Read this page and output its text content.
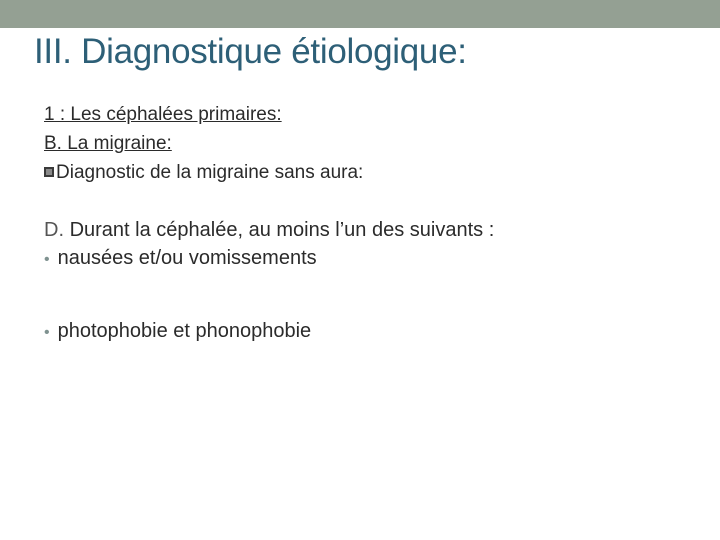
III. Diagnostique étiologique:
1 : Les céphalées primaires:
B. La migraine:
Diagnostic de la migraine sans aura:
D. Durant la céphalée, au moins l’un des suivants :
• nausées et/ou vomissements
• photophobie et phonophobie
